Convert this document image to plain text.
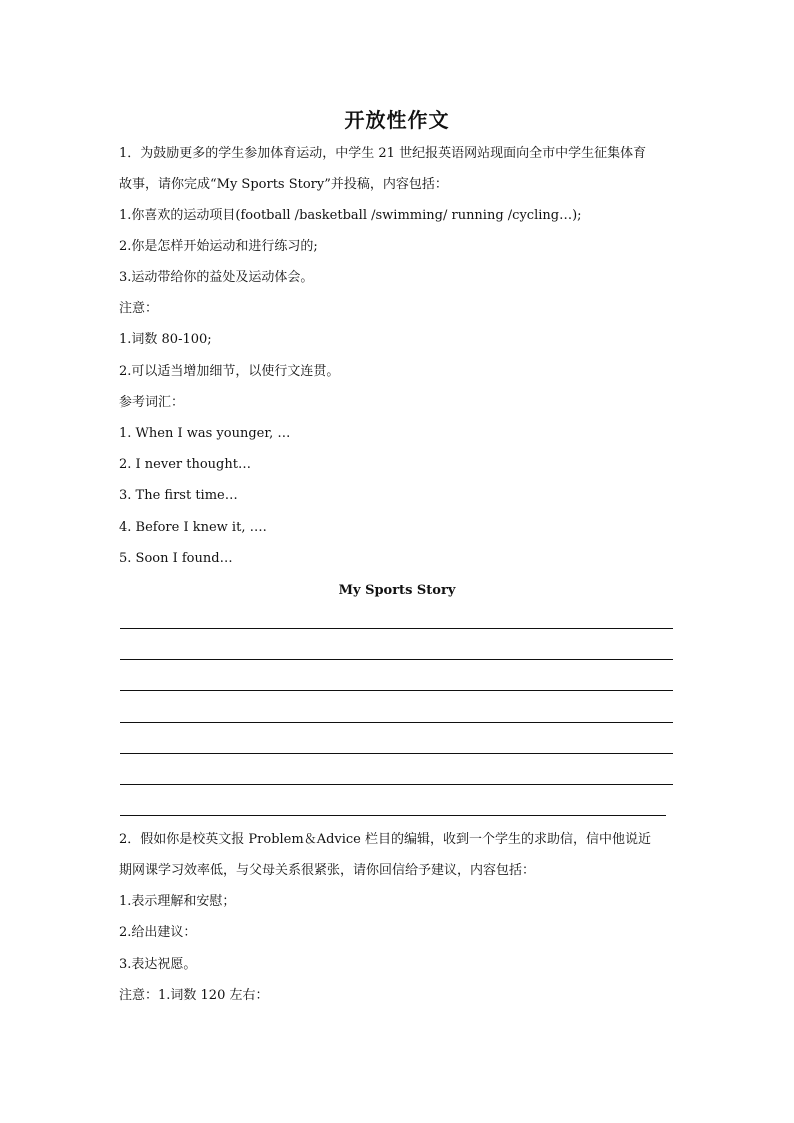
开放性作文
1．为鼓励更多的学生参加体育运动，中学生 21 世纪报英语网站现面向全市中学生征集体育
故事，请你完成“My Sports Story”并投稿，内容包括：
1.你喜欢的运动项目(football /basketball /swimming/ running /cycling…);
2.你是怎样开始运动和进行练习的;
3.运动带给你的益处及运动体会。
注意：
1.词数 80-100;
2.可以适当增加细节，以使行文连贯。
参考词汇：
1. When I was younger, …
2. I never thought…
3. The first time…
4. Before I knew it, ….
5. Soon I found…
My Sports Story
2．假如你是校英文报 Problem＆Advice 栏目的编辑，收到一个学生的求助信，信中他说近
期网课学习效率低，与父母关系很紧张，请你回信给予建议，内容包括：
1.表示理解和安慰；
2.给出建议：
3.表达祝愿。
注意：1.词数 120 左右：
